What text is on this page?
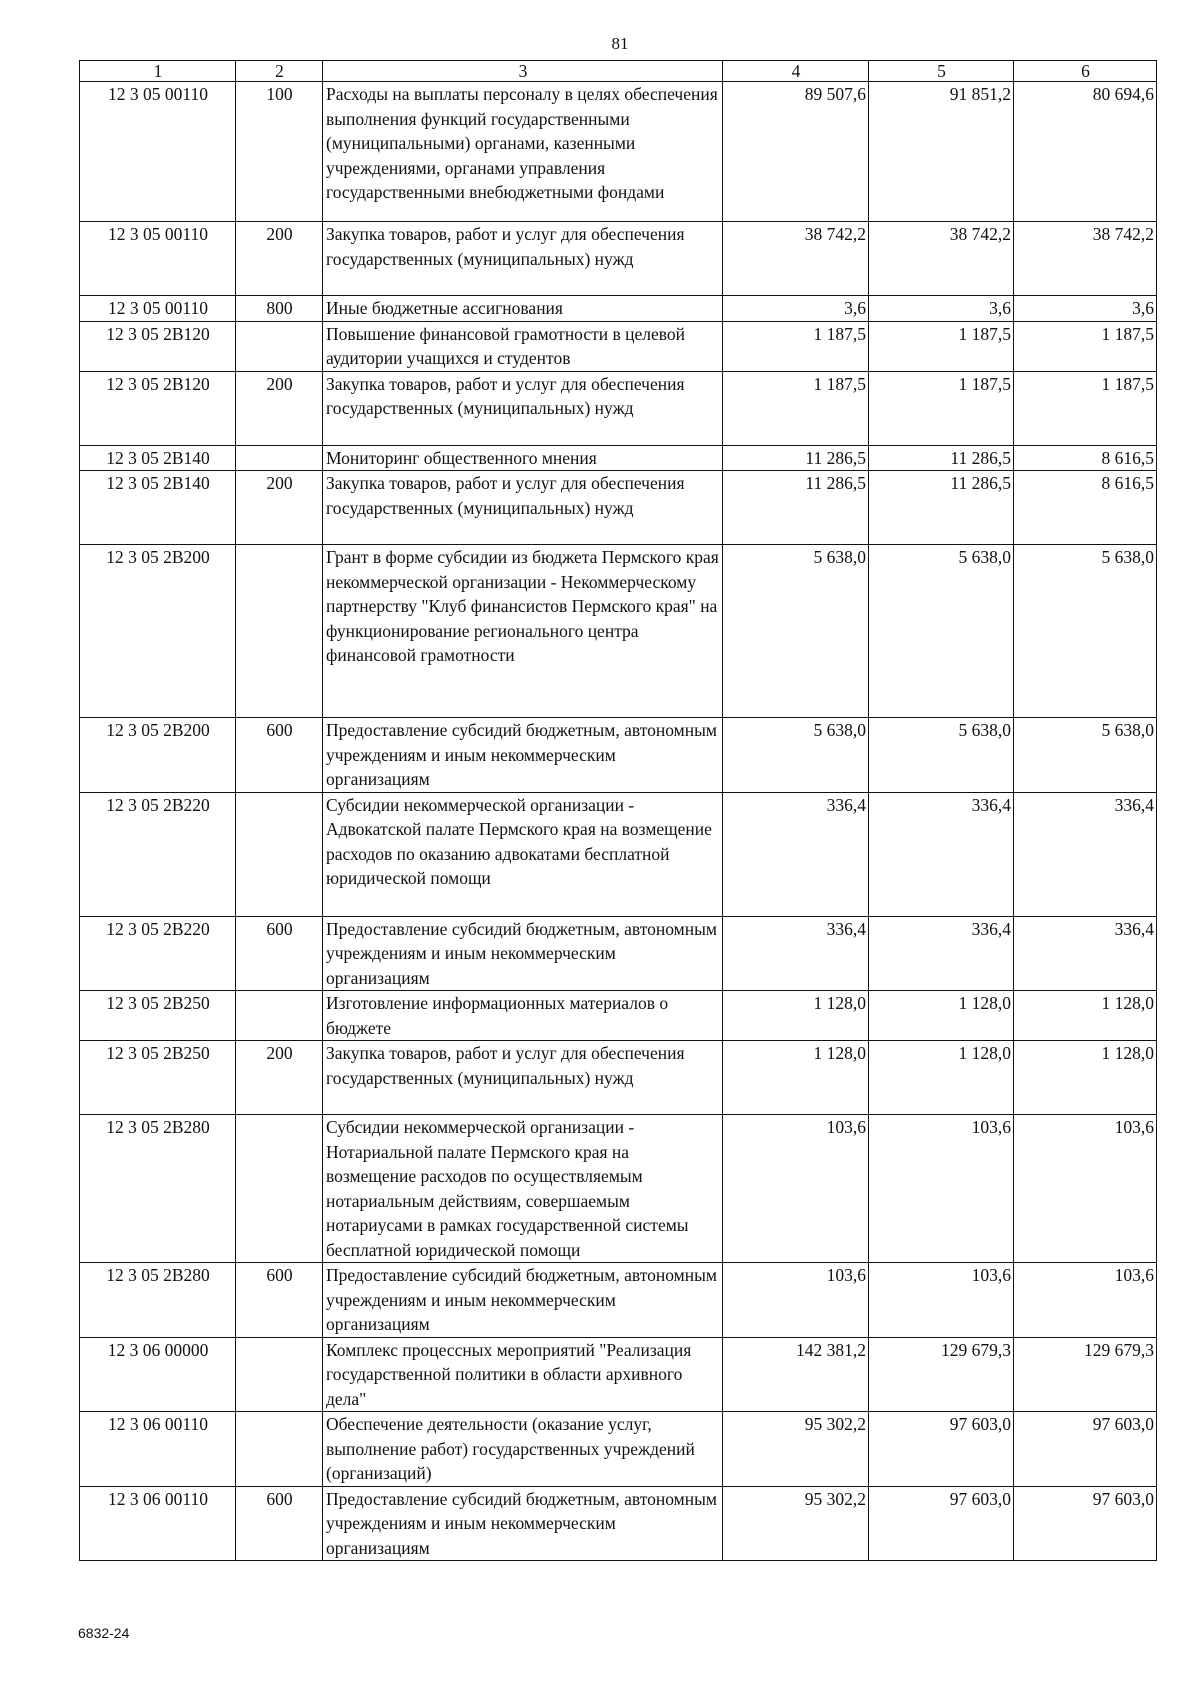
81
1	2	3	4	5	6
12 3 05 00110	100	Расходы на выплаты персоналу в целях обеспечения выполнения функций государственными (муниципальными) органами, казенными учреждениями, органами управления государственными внебюджетными фондами	89 507,6	91 851,2	80 694,6
12 3 05 00110	200	Закупка товаров, работ и услуг для обеспечения государственных (муниципальных) нужд	38 742,2	38 742,2	38 742,2
12 3 05 00110	800	Иные бюджетные ассигнования	3,6	3,6	3,6
12 3 05 2В120		Повышение финансовой грамотности в целевой аудитории учащихся и студентов	1 187,5	1 187,5	1 187,5
12 3 05 2В120	200	Закупка товаров, работ и услуг для обеспечения государственных (муниципальных) нужд	1 187,5	1 187,5	1 187,5
12 3 05 2В140		Мониторинг общественного мнения	11 286,5	11 286,5	8 616,5
12 3 05 2В140	200	Закупка товаров, работ и услуг для обеспечения государственных (муниципальных) нужд	11 286,5	11 286,5	8 616,5
12 3 05 2В200		Грант в форме субсидии из бюджета Пермского края некоммерческой организации - Некоммерческому партнерству "Клуб финансистов Пермского края" на функционирование регионального центра финансовой грамотности	5 638,0	5 638,0	5 638,0
12 3 05 2В200	600	Предоставление субсидий бюджетным, автономным учреждениям и иным некоммерческим организациям	5 638,0	5 638,0	5 638,0
12 3 05 2В220		Субсидии некоммерческой организации - Адвокатской палате Пермского края на возмещение расходов по оказанию адвокатами бесплатной юридической помощи	336,4	336,4	336,4
12 3 05 2В220	600	Предоставление субсидий бюджетным, автономным учреждениям и иным некоммерческим организациям	336,4	336,4	336,4
12 3 05 2В250		Изготовление информационных материалов о бюджете	1 128,0	1 128,0	1 128,0
12 3 05 2В250	200	Закупка товаров, работ и услуг для обеспечения государственных (муниципальных) нужд	1 128,0	1 128,0	1 128,0
12 3 05 2В280		Субсидии некоммерческой организации - Нотариальной палате Пермского края на возмещение расходов по осуществляемым нотариальным действиям, совершаемым нотариусами в рамках государственной системы бесплатной юридической помощи	103,6	103,6	103,6
12 3 05 2В280	600	Предоставление субсидий бюджетным, автономным учреждениям и иным некоммерческим организациям	103,6	103,6	103,6
12 3 06 00000		Комплекс процессных мероприятий "Реализация государственной политики в области архивного дела"	142 381,2	129 679,3	129 679,3
12 3 06 00110		Обеспечение деятельности (оказание услуг, выполнение работ) государственных учреждений (организаций)	95 302,2	97 603,0	97 603,0
12 3 06 00110	600	Предоставление субсидий бюджетным, автономным учреждениям и иным некоммерческим организациям	95 302,2	97 603,0	97 603,0
6832-24
